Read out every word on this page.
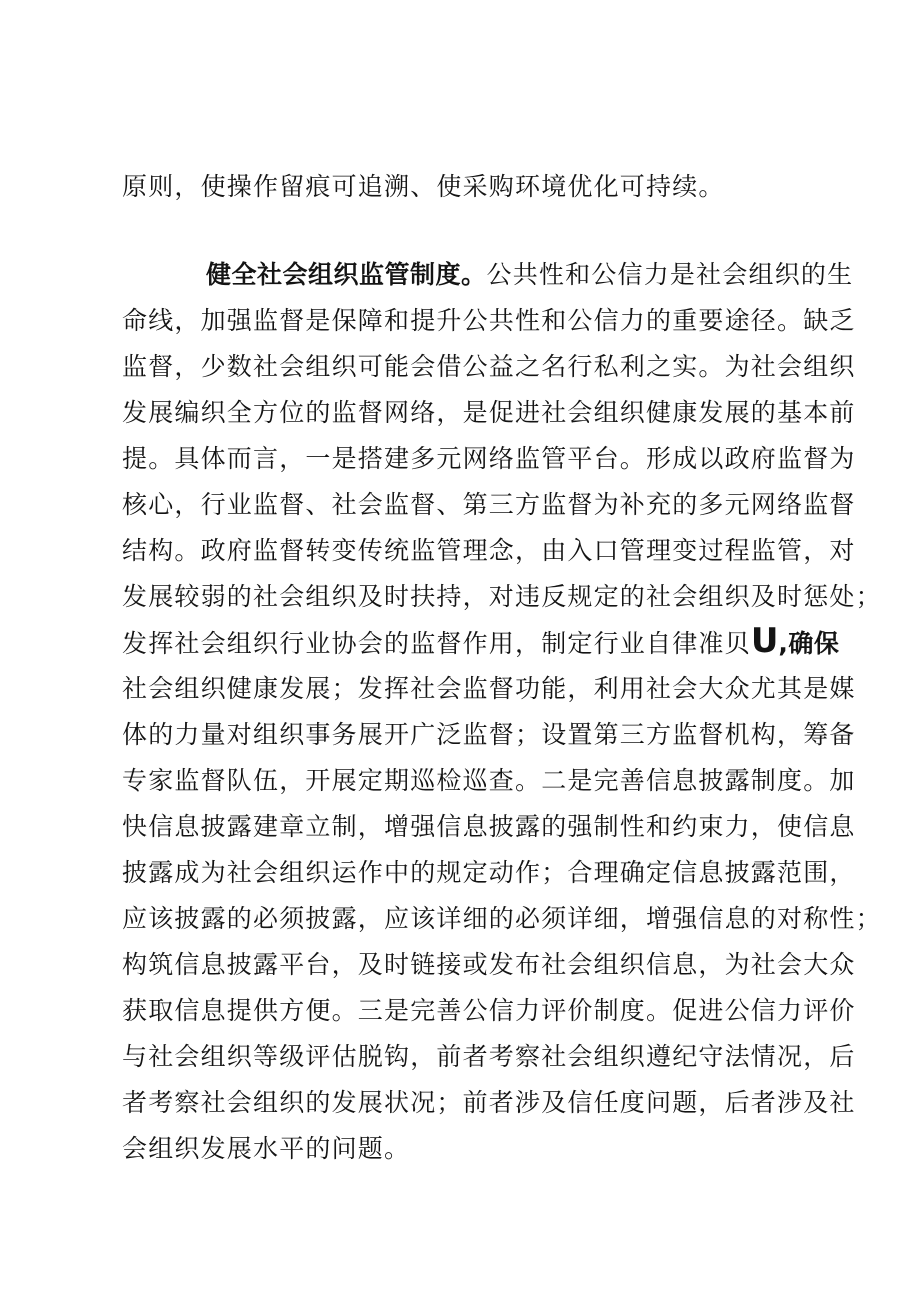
原则，使操作留痕可追溯、使采购环境优化可持续。
健全社会组织监管制度。公共性和公信力是社会组织的生
命线，加强监督是保障和提升公共性和公信力的重要途径。缺乏
监督，少数社会组织可能会借公益之名行私利之实。为社会组织
发展编织全方位的监督网络，是促进社会组织健康发展的基本前
提。具体而言，一是搭建多元网络监管平台。形成以政府监督为
核心，行业监督、社会监督、第三方监督为补充的多元网络监督
结构。政府监督转变传统监管理念，由入口管理变过程监管，对
发展较弱的社会组织及时扶持，对违反规定的社会组织及时惩处；
发挥社会组织行业协会的监督作用，制定行业自律准贝U,确保
社会组织健康发展；发挥社会监督功能，利用社会大众尤其是媒
体的力量对组织事务展开广泛监督；设置第三方监督机构，筹备
专家监督队伍，开展定期巡检巡查。二是完善信息披露制度。加
快信息披露建章立制，增强信息披露的强制性和约束力，使信息
披露成为社会组织运作中的规定动作；合理确定信息披露范围，
应该披露的必须披露，应该详细的必须详细，增强信息的对称性；
构筑信息披露平台，及时链接或发布社会组织信息，为社会大众
获取信息提供方便。三是完善公信力评价制度。促进公信力评价
与社会组织等级评估脱钩，前者考察社会组织遵纪守法情况，后
者考察社会组织的发展状况；前者涉及信任度问题，后者涉及社
会组织发展水平的问题。
